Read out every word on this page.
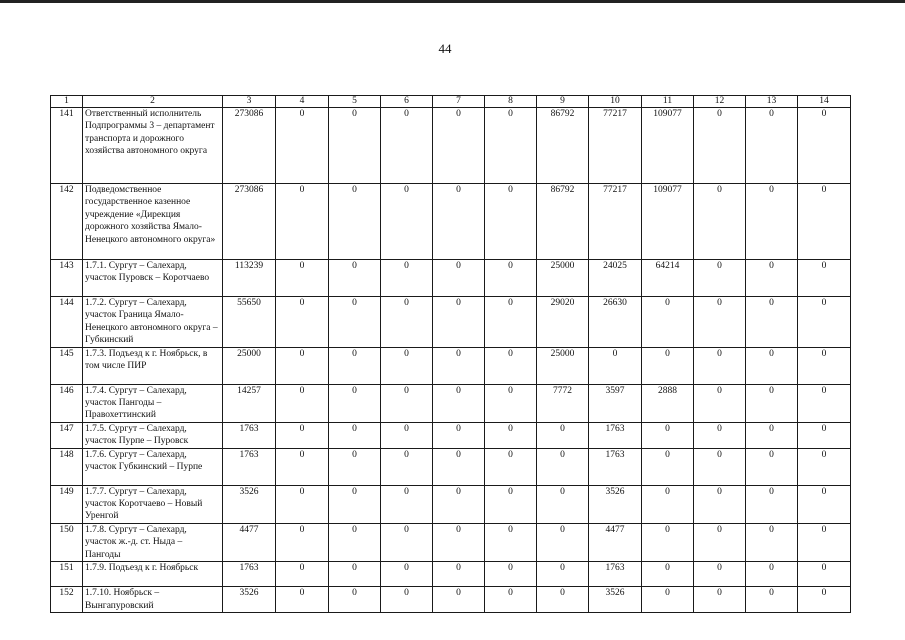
44
1	2	3	4	5	6	7	8	9	10	11	12	13	14
141	Ответственный исполнитель Подпрограммы 3 – департамент транспорта и дорожного хозяйства автономного округа	273086	0	0	0	0	0	86792	77217	109077	0	0	0
142	Подведомственное государственное казенное учреждение «Дирекция дорожного хозяйства Ямало-Ненецкого автономного округа»	273086	0	0	0	0	0	86792	77217	109077	0	0	0
143	1.7.1. Сургут – Салехард, участок Пуровск – Коротчаево	113239	0	0	0	0	0	25000	24025	64214	0	0	0
144	1.7.2. Сургут – Салехард, участок Граница Ямало-Ненецкого автономного округа – Губкинский	55650	0	0	0	0	0	29020	26630	0	0	0	0
145	1.7.3. Подъезд к г. Ноябрьск, в том числе ПИР	25000	0	0	0	0	0	25000	0	0	0	0	0
146	1.7.4. Сургут – Салехард, участок Пангоды – Правохеттинский	14257	0	0	0	0	0	7772	3597	2888	0	0	0
147	1.7.5. Сургут – Салехард, участок Пурпе – Пуровск	1763	0	0	0	0	0	0	1763	0	0	0	0
148	1.7.6. Сургут – Салехард, участок Губкинский – Пурпе	1763	0	0	0	0	0	0	1763	0	0	0	0
149	1.7.7. Сургут – Салехард, участок Коротчаево – Новый Уренгой	3526	0	0	0	0	0	0	3526	0	0	0	0
150	1.7.8. Сургут – Салехард, участок ж.-д. ст. Ныда – Пангоды	4477	0	0	0	0	0	0	4477	0	0	0	0
151	1.7.9. Подъезд к г. Ноябрьск	1763	0	0	0	0	0	0	1763	0	0	0	0
152	1.7.10. Ноябрьск – Вынгапуровский	3526	0	0	0	0	0	0	3526	0	0	0	0
